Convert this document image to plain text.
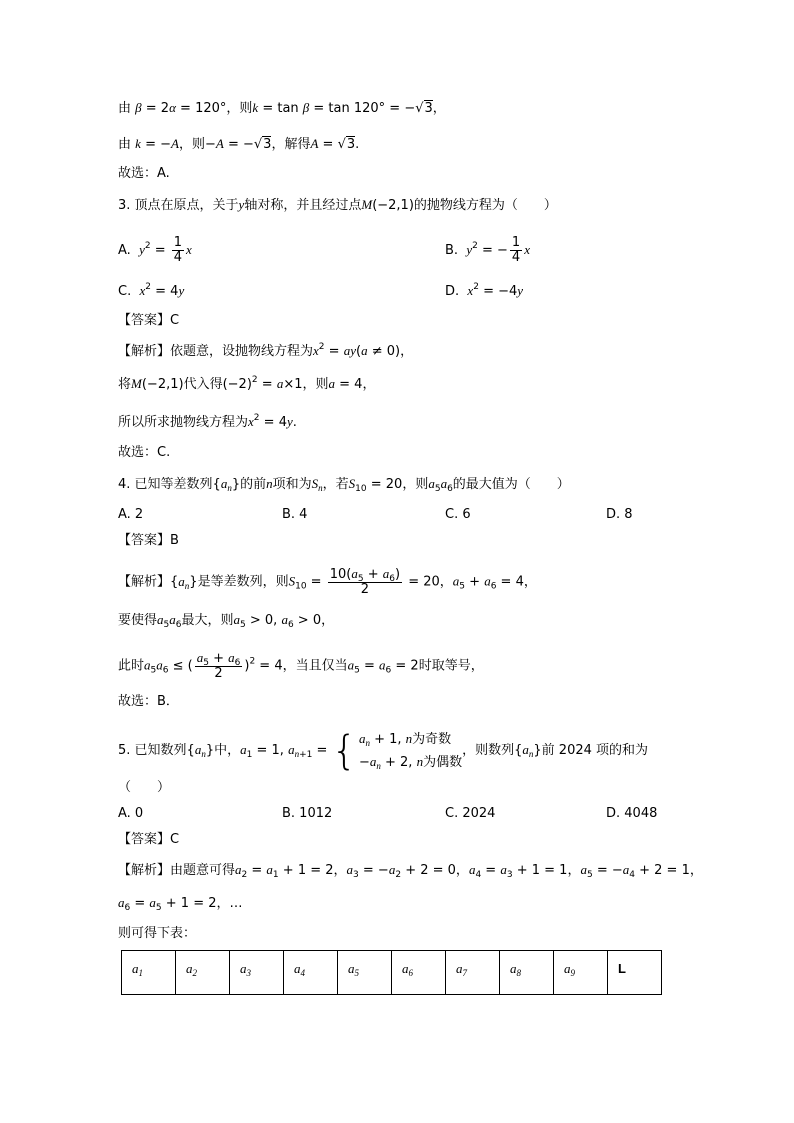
由 β = 2α = 120°，则k = tan β = tan 120° = −√3，
由 k = −A，则−A = −√3，解得A = √3.
故选：A.
3. 顶点在原点，关于y轴对称，并且经过点M(−2,1)的抛物线方程为（　　）
A. $y^2 = \frac{1}{4}$ x	B. $y^2$ = − $\frac{1}{4}$ x
C. $x^2 = 4y$	D. $x^2 = -4y$
【答案】C
【解析】依题意，设抛物线方程为$x^2 = ay(a \ne 0)$，
将M(−2,1)代入得$(-2)^2 = a\times 1$，则a = 4，
所以所求抛物线方程为$x^2 = 4y$.
故选：C.
4. 已知等差数列$\{a_n\}$的前n项和为$S_n$，若$S_{10} = 20$，则$a_5a_6$的最大值为（　　）
A. 2	B. 4	C. 6	D. 8
【答案】B
【解析】$\{a_n\}$是等差数列，则$S_{10} = \frac{10(a_5 + a_6)}{2} = 20$，$a_5 + a_6 = 4$，
要使得$a_5a_6$最大，则$a_5 > 0$, $a_6 > 0$，
此时$a_5a_6$ ≤ ( $\frac{a_5 + a_6}{2} )^2 = 4$，当且仅当$a_5 = a_6 = 2$时取等号，
故选：B．
5. 已知数列$\{a_n\}$中，$a_1 = 1$, $a_{n+1}$ = { $a_n + 1$, n为奇数
$-a_n + 2$, n为偶数
，则数列$\{a_n\}$前 2024 项的和为
（　　）
A. 0	B. 1012	C. 2024	D. 4048
【答案】C
【解析】由题意可得$a_2 = a_1 + 1 = 2$，$a_3 = -a_2 + 2 = 0$，$a_4 = a_3 + 1 = 1$，$a_5 = -a_4 + 2 = 1$，
$a_6 = a_5 + 1 = 2$，…
则可得下表：
$a_1$	$a_2$	$a_3$	$a_4$	$a_5$	$a_6$	$a_7$	$a_8$	$a_9$	L
